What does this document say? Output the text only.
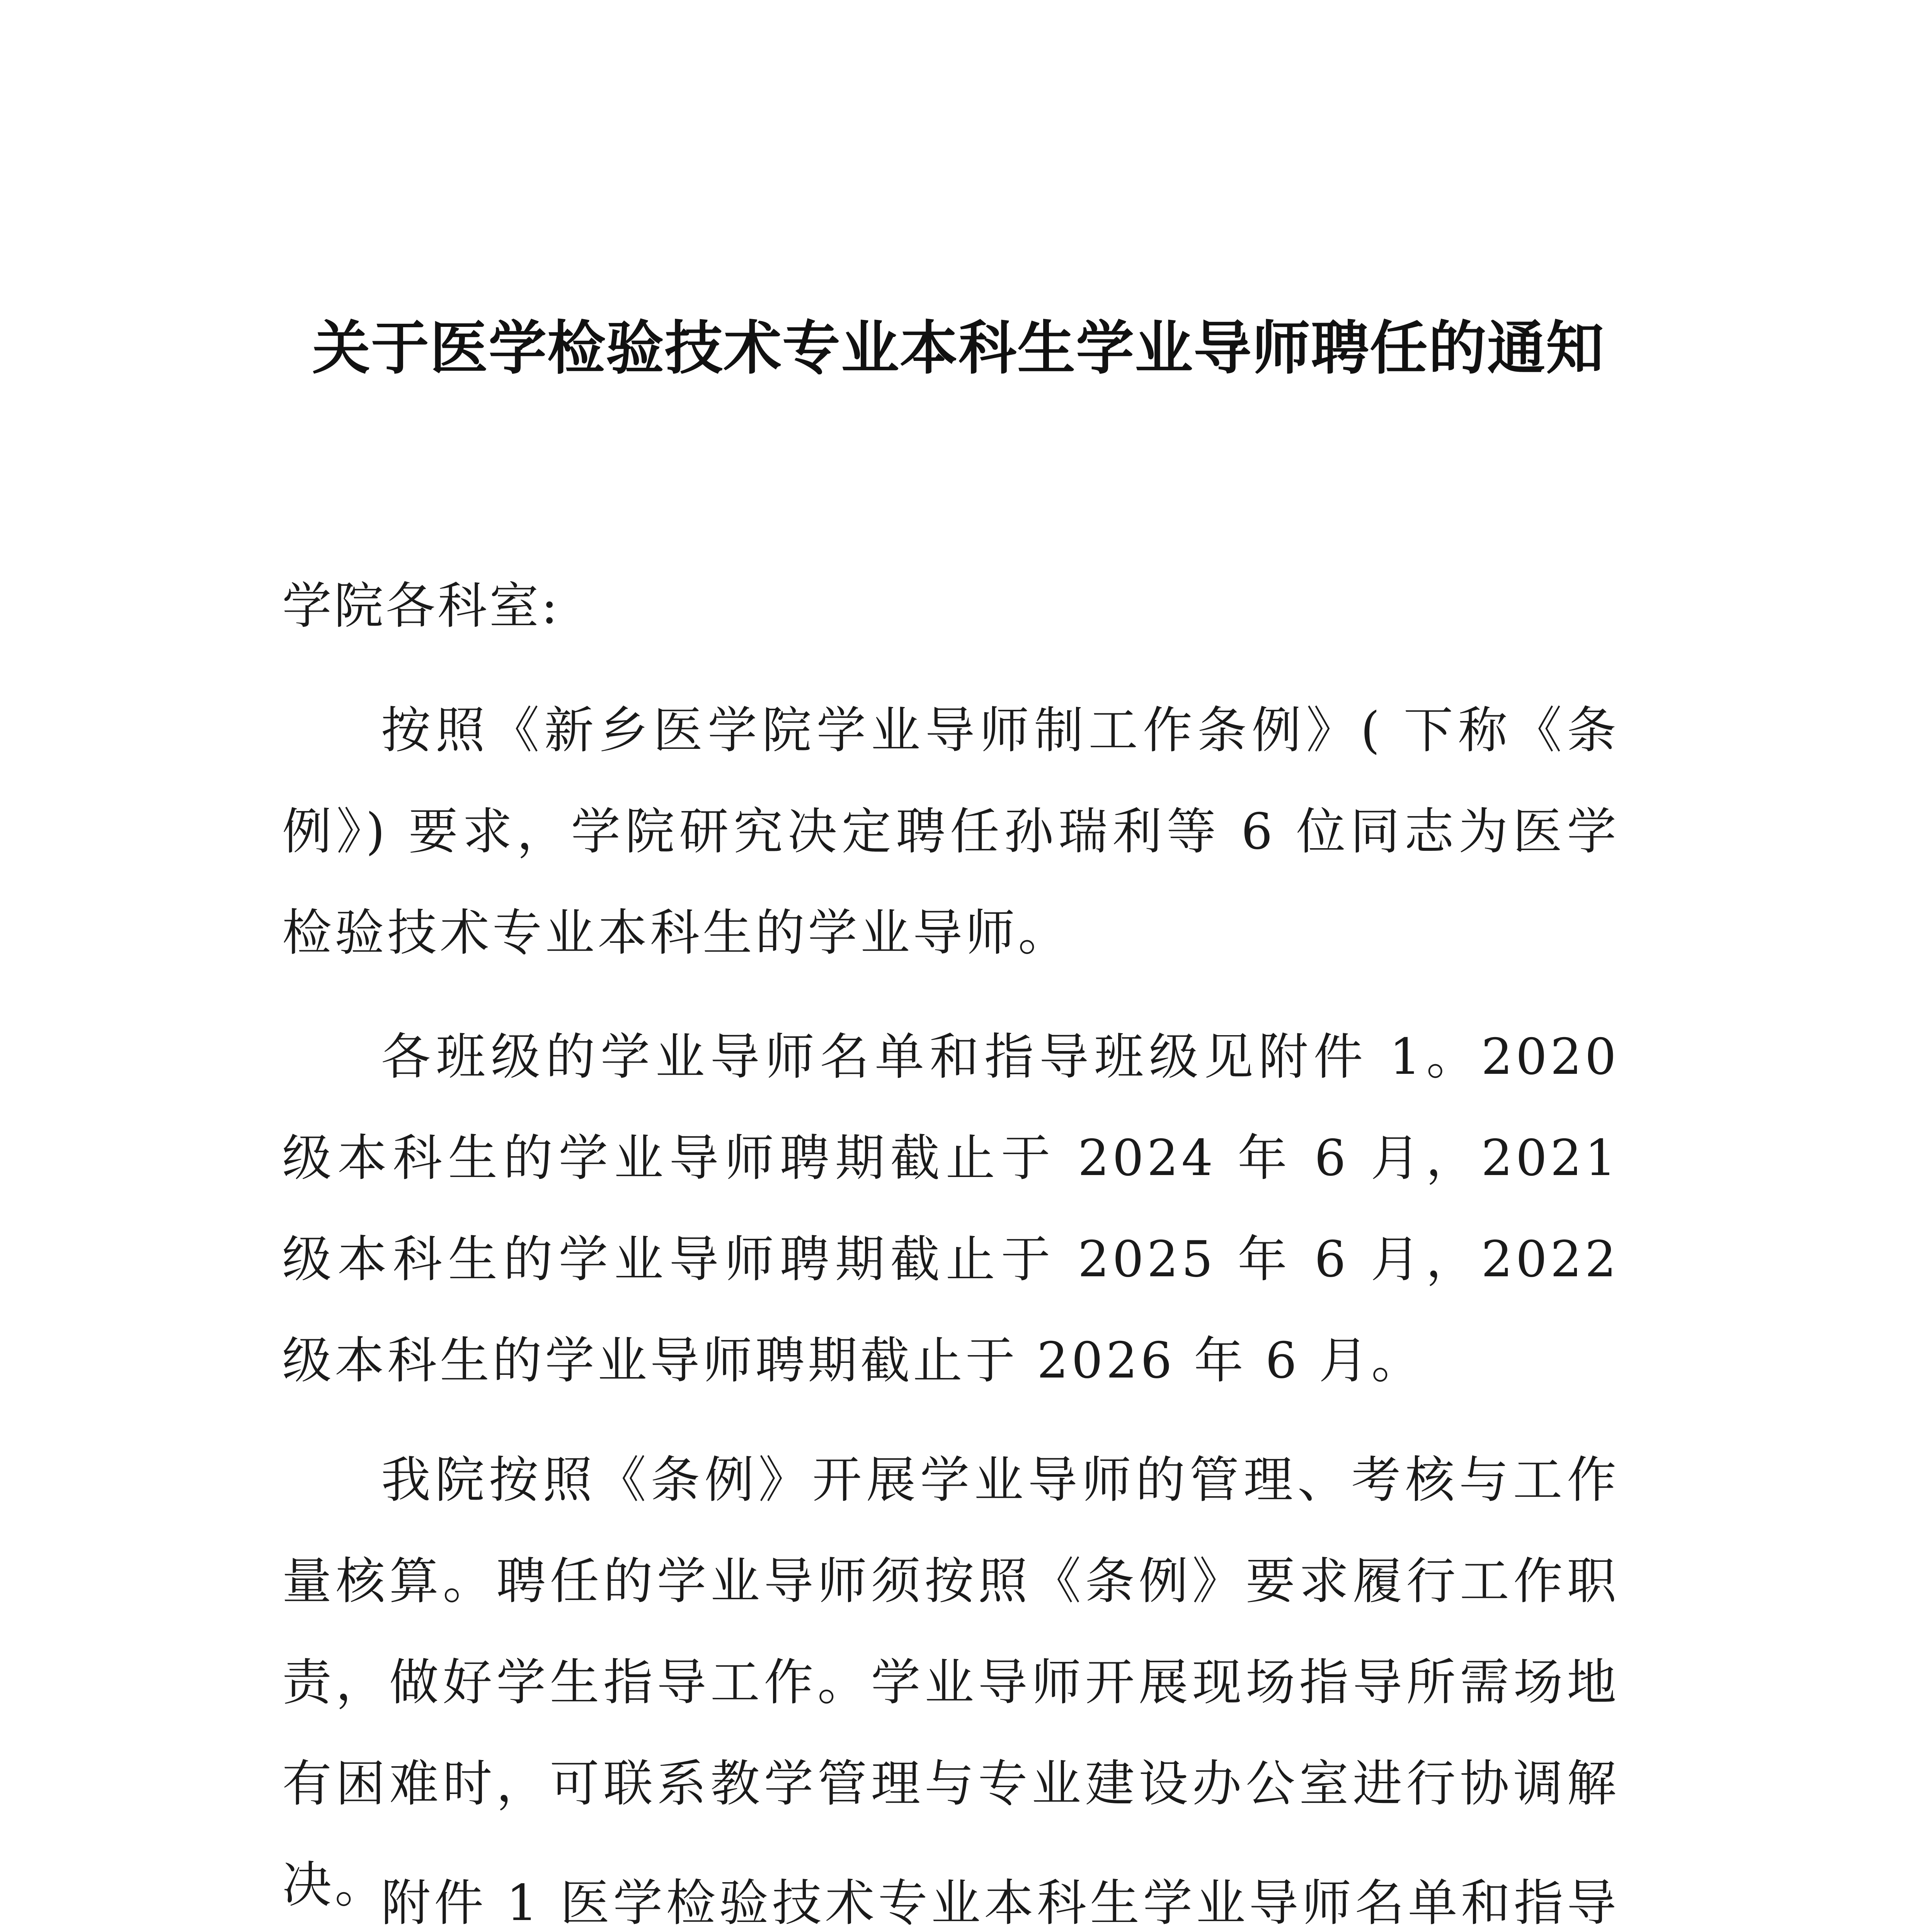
关于医学检验技术专业本科生学业导师聘任的通知
学院各科室:
按照《新乡医学院学业导师制工作条例》( 下称《条例》) 要求，学院研究决定聘任孙瑞利等 6 位同志为医学检验技术专业本科生的学业导师。
各班级的学业导师名单和指导班级见附件 1。2020 级本科生的学业导师聘期截止于 2024 年 6 月，2021 级本科生的学业导师聘期截止于 2025 年 6 月，2022 级本科生的学业导师聘期截止于 2026 年 6 月。
我院按照《条例》开展学业导师的管理、考核与工作量核算。聘任的学业导师须按照《条例》要求履行工作职责，做好学生指导工作。学业导师开展现场指导所需场地有困难时，可联系教学管理与专业建设办公室进行协调解决。
附件 1 医学检验技术专业本科生学业导师名单和指导
